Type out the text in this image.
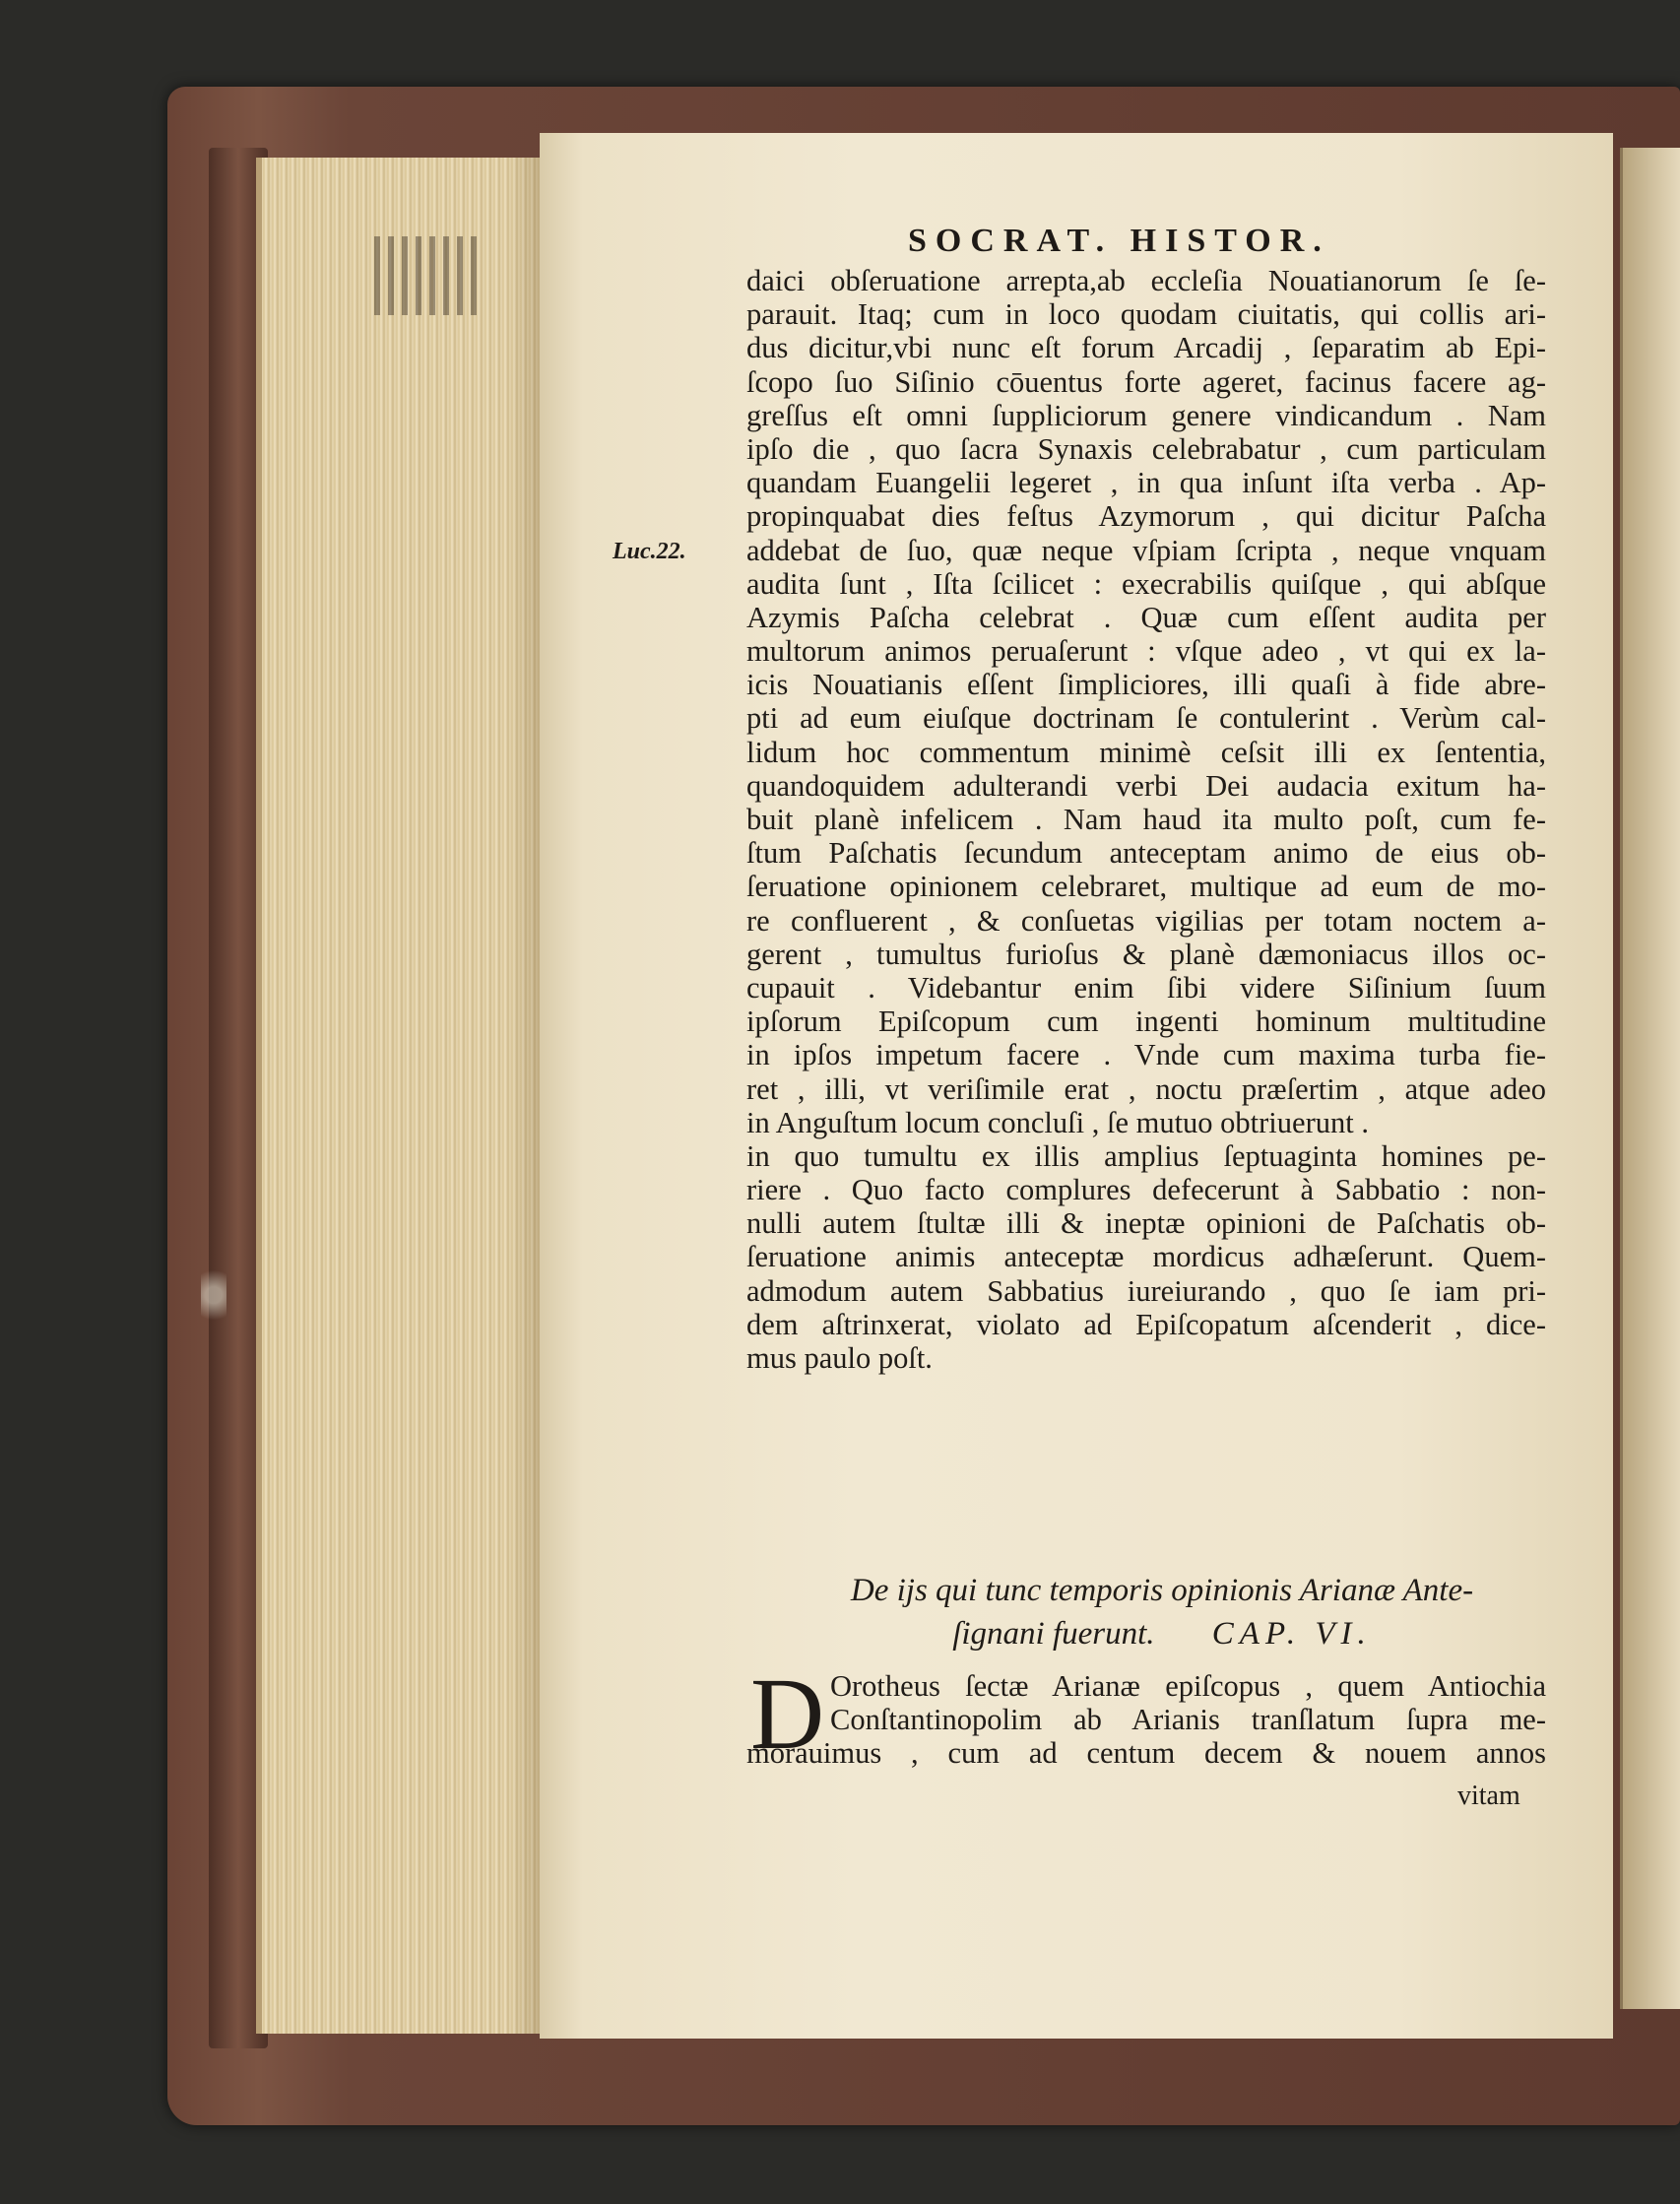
SOCRAT. HISTOR.
Luc.22.
daici obſeruatione arrepta,ab eccleſia Nouatianorum ſe ſe-
parauit. Itaq; cum in loco quodam ciuitatis, qui collis ari-
dus dicitur,vbi nunc eſt forum Arcadij , ſeparatim ab Epi-
ſcopo ſuo Siſinio cōuentus forte ageret, facinus facere ag-
greſſus eſt omni ſuppliciorum genere vindicandum . Nam
ipſo die , quo ſacra Synaxis celebrabatur , cum particulam
quandam Euangelii legeret , in qua inſunt iſta verba . Ap-
propinquabat dies feſtus Azymorum , qui dicitur Paſcha
addebat de ſuo, quæ neque vſpiam ſcripta , neque vnquam
audita ſunt , Iſta ſcilicet : execrabilis quiſque , qui abſque
Azymis Paſcha celebrat . Quæ cum eſſent audita per
multorum animos peruaſerunt : vſque adeo , vt qui ex la-
icis Nouatianis eſſent ſimpliciores, illi quaſi à fide abre-
pti ad eum eiuſque doctrinam ſe contulerint . Verùm cal-
lidum hoc commentum minimè ceſsit illi ex ſententia,
quandoquidem adulterandi verbi Dei audacia exitum ha-
buit planè infelicem . Nam haud ita multo poſt, cum fe-
ſtum Paſchatis ſecundum anteceptam animo de eius ob-
ſeruatione opinionem celebraret, multique ad eum de mo-
re confluerent , & conſuetas vigilias per totam noctem a-
gerent , tumultus furioſus & planè dæmoniacus illos oc-
cupauit . Videbantur enim ſibi videre Siſinium ſuum
ipſorum Epiſcopum cum ingenti hominum multitudine
in ipſos impetum facere . Vnde cum maxima turba fie-
ret , illi, vt veriſimile erat , noctu præſertim , atque adeo
in Anguſtum locum concluſi , ſe mutuo obtriuerunt .
in quo tumultu ex illis amplius ſeptuaginta homines pe-
riere . Quo facto complures defecerunt à Sabbatio : non-
nulli autem ſtultæ illi & ineptæ opinioni de Paſchatis ob-
ſeruatione animis anteceptæ mordicus adhæſerunt. Quem-
admodum autem Sabbatius iureiurando , quo ſe iam pri-
dem aſtrinxerat, violato ad Epiſcopatum aſcenderit , dice-
mus paulo poſt.
De ijs qui tunc temporis opinionis Arianæ Ante-
ſignani fuerunt. CAP. VI.
D Orotheus ſectæ Arianæ epiſcopus , quem Antiochia
Conſtantinopolim ab Arianis tranſlatum ſupra me-
morauimus , cum ad centum decem & nouem annos
vitam
